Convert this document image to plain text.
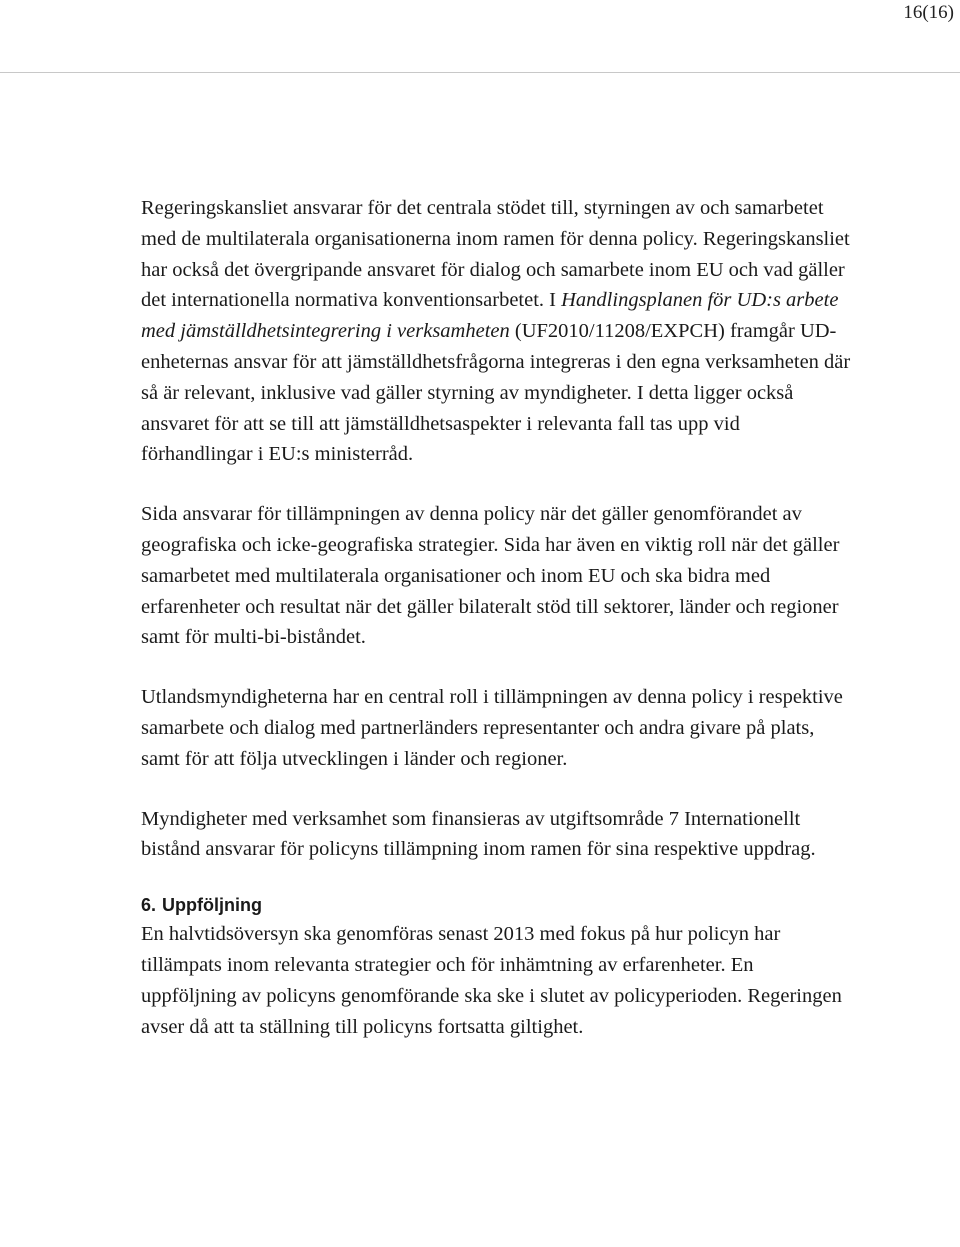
16(16)

Regeringskansliet ansvarar för det centrala stödet till, styrningen av och samarbetet med de multilaterala organisationerna inom ramen för denna policy. Regeringskansliet har också det övergripande ansvaret för dialog och samarbete inom EU och vad gäller det internationella normativa konventionsarbetet. I Handlingsplanen för UD:s arbete med jämställdhetsintegrering i verksamheten (UF2010/11208/EXPCH) framgår UD-enheternas ansvar för att jämställdhetsfrågorna integreras i den egna verksamheten där så är relevant, inklusive vad gäller styrning av myndigheter. I detta ligger också ansvaret för att se till att jämställdhetsaspekter i relevanta fall tas upp vid förhandlingar i EU:s ministerråd.

Sida ansvarar för tillämpningen av denna policy när det gäller genomförandet av geografiska och icke-geografiska strategier. Sida har även en viktig roll när det gäller samarbetet med multilaterala organisationer och inom EU och ska bidra med erfarenheter och resultat när det gäller bilateralt stöd till sektorer, länder och regioner samt för multi-bi-biståndet.

Utlandsmyndigheterna har en central roll i tillämpningen av denna policy i respektive samarbete och dialog med partnerländers representanter och andra givare på plats, samt för att följa utvecklingen i länder och regioner.

Myndigheter med verksamhet som finansieras av utgiftsområde 7 Internationellt bistånd ansvarar för policyns tillämpning inom ramen för sina respektive uppdrag.

6. Uppföljning

En halvtidsöversyn ska genomföras senast 2013 med fokus på hur policyn har tillämpats inom relevanta strategier och för inhämtning av erfarenheter. En uppföljning av policyns genomförande ska ske i slutet av policyperioden. Regeringen avser då att ta ställning till policyns fortsatta giltighet.
